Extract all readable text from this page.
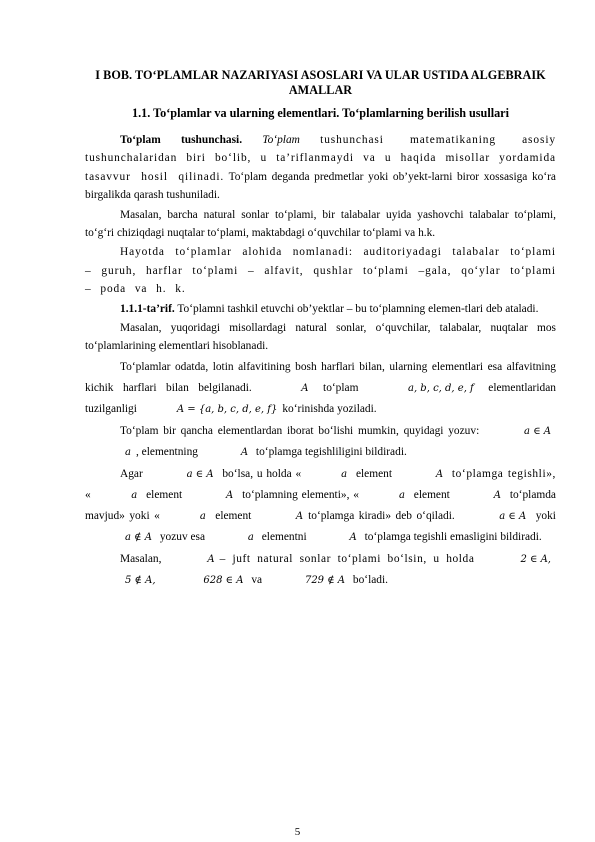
I BOB. TO‘PLAMLAR NAZARIYASI ASOSLARI VA ULAR USTIDA ALGEBRAIK AMALLAR
1.1. To‘plamlar va ularning elementlari. To‘plamlarning berilish usullari

To‘plam tushunchasi. To‘plam tushunchasi matematikaning asosiy tushunchalaridan biri bo‘lib, u ta’riflanmaydi va u haqida misollar yordamida tasavvur hosil qilinadi. To‘plam deganda predmetlar yoki ob’yekt-larni biror xossasiga ko‘ra birgalikda qarash tushuniladi.

Masalan, barcha natural sonlar to‘plami, bir talabalar uyida yashovchi talabalar to‘plami, to‘g‘ri chiziqdagi nuqtalar to‘plami, maktabdagi o‘quvchilar to‘plami va h.k.

Hayotda to‘plamlar alohida nomlanadi: auditoriyadagi talabalar to‘plami – guruh, harflar to‘plami – alfavit, qushlar to‘plami –gala, qo‘ylar to‘plami – poda va h. k.

1.1.1-ta’rif. To‘plamni tashkil etuvchi ob’yektlar – bu to‘plamning elemen-tlari deb ataladi.

Masalan, yuqoridagi misollardagi natural sonlar, o‘quvchilar, talabalar, nuqtalar mos to‘plamlarining elementlari hisoblanadi.

To‘plamlar odatda, lotin alfavitining bosh harflari bilan, ularning elementlari esa alfavitning kichik harflari bilan belgilanadi.	A to‘plam	a, b, c, d, e, f elementlaridan tuzilganligi	A = {a, b, c, d, e, f} ko‘rinishda yoziladi.

To‘plam bir qancha elementlardan iborat bo‘lishi mumkin, quyidagi yozuv:	a ∈ A a , elementning	A to‘plamga tegishliligini bildiradi.

Agar	a ∈ A bo‘lsa, u holda «	a element	A to‘plamga tegishli», «	a element	A to‘plamning elementi», «	a element	A to‘plamda mavjud» yoki «	a element	A to‘plamga kiradi» deb o‘qiladi.	a ∈ A yoki a ∉ A yozuv esa	a elementni	A to‘plamga tegishli emasligini bildiradi.

Masalan,	A – juft natural sonlar to‘plami bo‘lsin, u holda	2 ∈ A, 5 ∉ A,	628 ∈ A va	729 ∉ A bo‘ladi.

5
